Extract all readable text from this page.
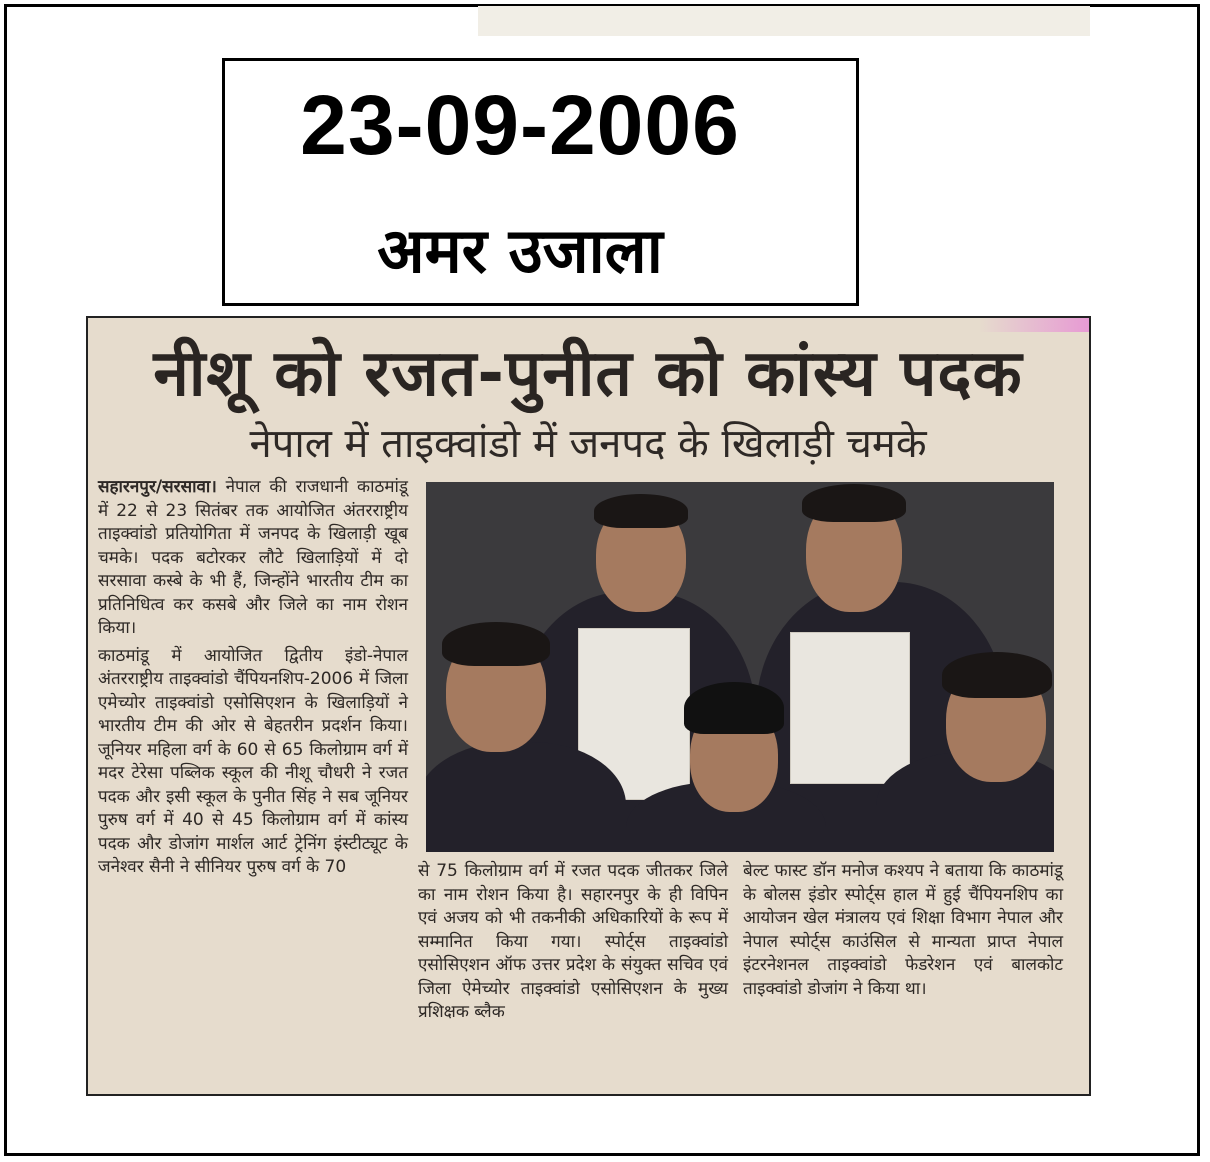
23-09-2006
अमर उजाला
नीशू को रजत-पुनीत को कांस्य पदक
नेपाल में ताइक्वांडो में जनपद के खिलाड़ी चमके

सहारनपुर/सरसावा। नेपाल की राजधानी काठमांडू में 22 से 23 सितंबर तक आयोजित अंतरराष्ट्रीय ताइक्वांडो प्रतियोगिता में जनपद के खिलाड़ी खूब चमके। पदक बटोरकर लौटे खिलाड़ियों में दो सरसावा कस्बे के भी हैं, जिन्होंने भारतीय टीम का प्रतिनिधित्व कर कसबे और जिले का नाम रोशन किया।

काठमांडू में आयोजित द्वितीय इंडो-नेपाल अंतरराष्ट्रीय ताइक्वांडो चैंपियनशिप-2006 में जिला एमेच्योर ताइक्वांडो एसोसिएशन के खिलाड़ियों ने भारतीय टीम की ओर से बेहतरीन प्रदर्शन किया। जूनियर महिला वर्ग के 60 से 65 किलोग्राम वर्ग में मदर टेरेसा पब्लिक स्कूल की नीशू चौधरी ने रजत पदक और इसी स्कूल के पुनीत सिंह ने सब जूनियर पुरुष वर्ग में 40 से 45 किलोग्राम वर्ग में कांस्य पदक और डोजांग मार्शल आर्ट ट्रेनिंग इंस्टीट्यूट के जनेश्वर सैनी ने सीनियर पुरुष वर्ग के 70	से 75 किलोग्राम वर्ग में रजत पदक जीतकर जिले का नाम रोशन किया है। सहारनपुर के ही विपिन एवं अजय को भी तकनीकी अधिकारियों के रूप में सम्मानित किया गया। स्पोर्ट्स ताइक्वांडो एसोसिएशन ऑफ उत्तर प्रदेश के संयुक्त सचिव एवं जिला ऐमेच्योर ताइक्वांडो एसोसिएशन के मुख्य प्रशिक्षक ब्लैक
बेल्ट फास्ट डॉन मनोज कश्यप ने बताया कि काठमांडू के बोलस इंडोर स्पोर्ट्स हाल में हुई चैंपियनशिप का आयोजन खेल मंत्रालय एवं शिक्षा विभाग नेपाल और नेपाल स्पोर्ट्स काउंसिल से मान्यता प्राप्त नेपाल इंटरनेशनल ताइक्वांडो फेडरेशन एवं बालकोट ताइक्वांडो डोजांग ने किया था।
